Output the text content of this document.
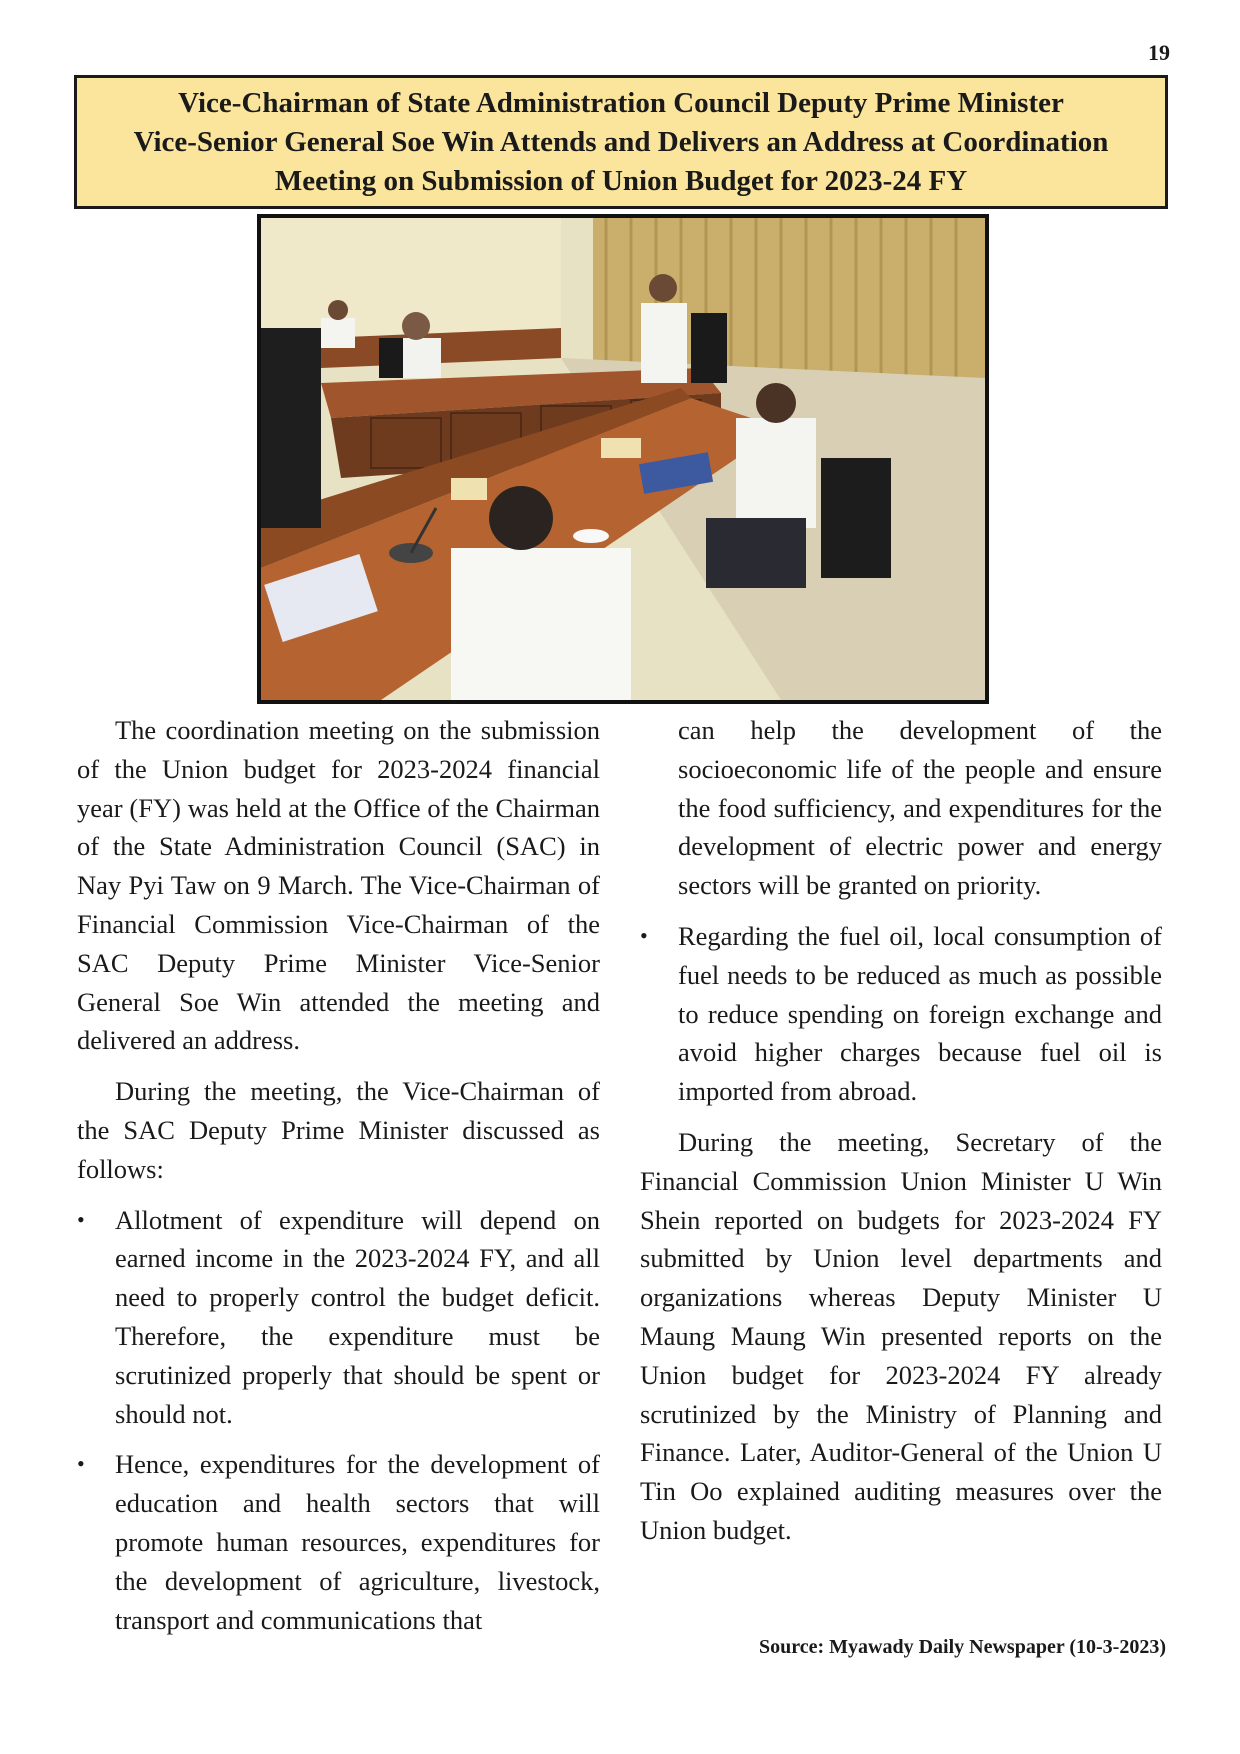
19
Vice-Chairman of State Administration Council Deputy Prime Minister
Vice-Senior General Soe Win Attends and Delivers an Address at Coordination
Meeting on Submission of Union Budget for 2023-24 FY

The coordination meeting on the submission of the Union budget for 2023-2024 financial year (FY) was held at the Office of the Chairman of the State Administration Council (SAC) in Nay Pyi Taw on 9 March. The Vice-Chairman of Financial Commission Vice-Chairman of the SAC Deputy Prime Minister Vice-Senior General Soe Win attended the meeting and delivered an address.

During the meeting, the Vice-Chairman of the SAC Deputy Prime Minister discussed as follows:

•	Allotment of expenditure will depend on earned income in the 2023-2024 FY, and all need to properly control the budget deficit. Therefore, the expenditure must be scrutinized properly that should be spent or should not.
•	Hence, expenditures for the development of education and health sectors that will promote human resources, expenditures for the development of agriculture, livestock, transport and communications that
can help the development of the socioeconomic life of the people and ensure the food sufficiency, and expenditures for the development of electric power and energy sectors will be granted on priority.
•	Regarding the fuel oil, local consumption of fuel needs to be reduced as much as possible to reduce spending on foreign exchange and avoid higher charges because fuel oil is imported from abroad.

During the meeting, Secretary of the Financial Commission Union Minister U Win Shein reported on budgets for 2023-2024 FY submitted by Union level departments and organizations whereas Deputy Minister U Maung Maung Win presented reports on the Union budget for 2023-2024 FY already scrutinized by the Ministry of Planning and Finance. Later, Auditor-General of the Union U Tin Oo explained auditing measures over the Union budget.

Source: Myawady Daily Newspaper (10-3-2023)
